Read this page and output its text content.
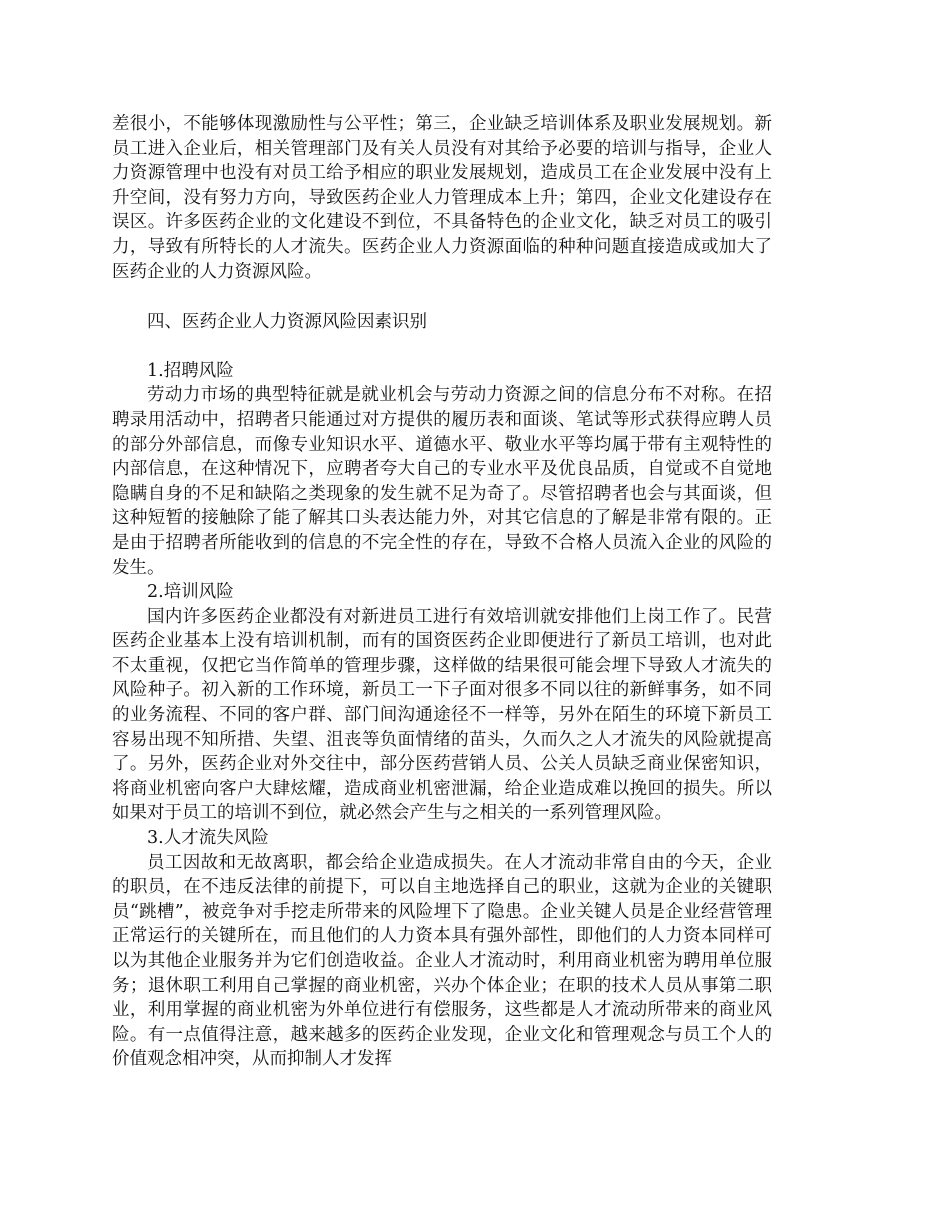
差很小，不能够体现激励性与公平性；第三，企业缺乏培训体系及职业发展规划。新员工进入企业后，相关管理部门及有关人员没有对其给予必要的培训与指导，企业人力资源管理中也没有对员工给予相应的职业发展规划，造成员工在企业发展中没有上升空间，没有努力方向，导致医药企业人力管理成本上升；第四，企业文化建设存在误区。许多医药企业的文化建设不到位，不具备特色的企业文化，缺乏对员工的吸引力，导致有所特长的人才流失。医药企业人力资源面临的种种问题直接造成或加大了医药企业的人力资源风险。

四、医药企业人力资源风险因素识别

1.招聘风险

劳动力市场的典型特征就是就业机会与劳动力资源之间的信息分布不对称。在招聘录用活动中，招聘者只能通过对方提供的履历表和面谈、笔试等形式获得应聘人员的部分外部信息，而像专业知识水平、道德水平、敬业水平等均属于带有主观特性的内部信息，在这种情况下，应聘者夸大自己的专业水平及优良品质，自觉或不自觉地隐瞒自身的不足和缺陷之类现象的发生就不足为奇了。尽管招聘者也会与其面谈，但这种短暂的接触除了能了解其口头表达能力外，对其它信息的了解是非常有限的。正是由于招聘者所能收到的信息的不完全性的存在，导致不合格人员流入企业的风险的发生。

2.培训风险

国内许多医药企业都没有对新进员工进行有效培训就安排他们上岗工作了。民营医药企业基本上没有培训机制，而有的国资医药企业即便进行了新员工培训，也对此不太重视，仅把它当作简单的管理步骤，这样做的结果很可能会埋下导致人才流失的风险种子。初入新的工作环境，新员工一下子面对很多不同以往的新鲜事务，如不同的业务流程、不同的客户群、部门间沟通途径不一样等，另外在陌生的环境下新员工容易出现不知所措、失望、沮丧等负面情绪的苗头，久而久之人才流失的风险就提高了。另外，医药企业对外交往中，部分医药营销人员、公关人员缺乏商业保密知识，将商业机密向客户大肆炫耀，造成商业机密泄漏，给企业造成难以挽回的损失。所以如果对于员工的培训不到位，就必然会产生与之相关的一系列管理风险。

3.人才流失风险

员工因故和无故离职，都会给企业造成损失。在人才流动非常自由的今天，企业的职员，在不违反法律的前提下，可以自主地选择自己的职业，这就为企业的关键职员“跳槽”，被竞争对手挖走所带来的风险埋下了隐患。企业关键人员是企业经营管理正常运行的关键所在，而且他们的人力资本具有强外部性，即他们的人力资本同样可以为其他企业服务并为它们创造收益。企业人才流动时，利用商业机密为聘用单位服务；退休职工利用自己掌握的商业机密，兴办个体企业；在职的技术人员从事第二职业，利用掌握的商业机密为外单位进行有偿服务，这些都是人才流动所带来的商业风险。有一点值得注意，越来越多的医药企业发现，企业文化和管理观念与员工个人的价值观念相冲突，从而抑制人才发挥
